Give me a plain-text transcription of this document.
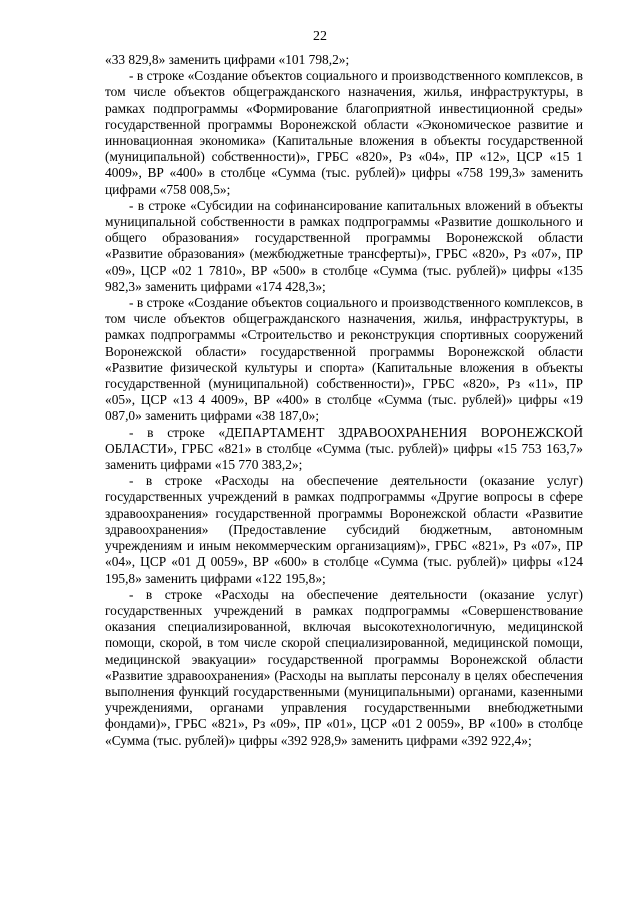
22

«33 829,8» заменить цифрами «101 798,2»;

- в строке «Создание объектов социального и производственного комплексов, в том числе объектов общегражданского назначения, жилья, инфраструктуры, в рамках подпрограммы «Формирование благоприятной инвестиционной среды» государственной программы Воронежской области «Экономическое развитие и инновационная экономика» (Капитальные вложения в объекты государственной (муниципальной) собственности)», ГРБС «820», Рз «04», ПР «12», ЦСР «15 1 4009», ВР «400» в столбце «Сумма (тыс. рублей)» цифры «758 199,3» заменить цифрами «758 008,5»;

- в строке «Субсидии на софинансирование капитальных вложений в объекты муниципальной собственности в рамках подпрограммы «Развитие дошкольного и общего образования» государственной программы Воронежской области «Развитие образования» (межбюджетные трансферты)», ГРБС «820», Рз «07», ПР «09», ЦСР «02 1 7810», ВР «500» в столбце «Сумма (тыс. рублей)» цифры «135 982,3» заменить цифрами «174 428,3»;

- в строке «Создание объектов социального и производственного комплексов, в том числе объектов общегражданского назначения, жилья, инфраструктуры, в рамках подпрограммы «Строительство и реконструкция спортивных сооружений Воронежской области» государственной программы Воронежской области «Развитие физической культуры и спорта» (Капитальные вложения в объекты государственной (муниципальной) собственности)», ГРБС «820», Рз «11», ПР «05», ЦСР «13 4 4009», ВР «400» в столбце «Сумма (тыс. рублей)» цифры «19 087,0» заменить цифрами «38 187,0»;

- в строке «ДЕПАРТАМЕНТ ЗДРАВООХРАНЕНИЯ ВОРОНЕЖСКОЙ ОБЛАСТИ», ГРБС «821» в столбце «Сумма (тыс. рублей)» цифры «15 753 163,7» заменить цифрами «15 770 383,2»;

- в строке «Расходы на обеспечение деятельности (оказание услуг) государственных учреждений в рамках подпрограммы «Другие вопросы в сфере здравоохранения» государственной программы Воронежской области «Развитие здравоохранения» (Предоставление субсидий бюджетным, автономным учреждениям и иным некоммерческим организациям)», ГРБС «821», Рз «07», ПР «04», ЦСР «01 Д 0059», ВР «600» в столбце «Сумма (тыс. рублей)» цифры «124 195,8» заменить цифрами «122 195,8»;

- в строке «Расходы на обеспечение деятельности (оказание услуг) государственных учреждений в рамках подпрограммы «Совершенствование оказания специализированной, включая высокотехнологичную, медицинской помощи, скорой, в том числе скорой специализированной, медицинской помощи, медицинской эвакуации» государственной программы Воронежской области «Развитие здравоохранения» (Расходы на выплаты персоналу в целях обеспечения выполнения функций государственными (муниципальными) органами, казенными учреждениями, органами управления государственными внебюджетными фондами)», ГРБС «821», Рз «09», ПР «01», ЦСР «01 2 0059», ВР «100» в столбце «Сумма (тыс. рублей)» цифры «392 928,9» заменить цифрами «392 922,4»;
